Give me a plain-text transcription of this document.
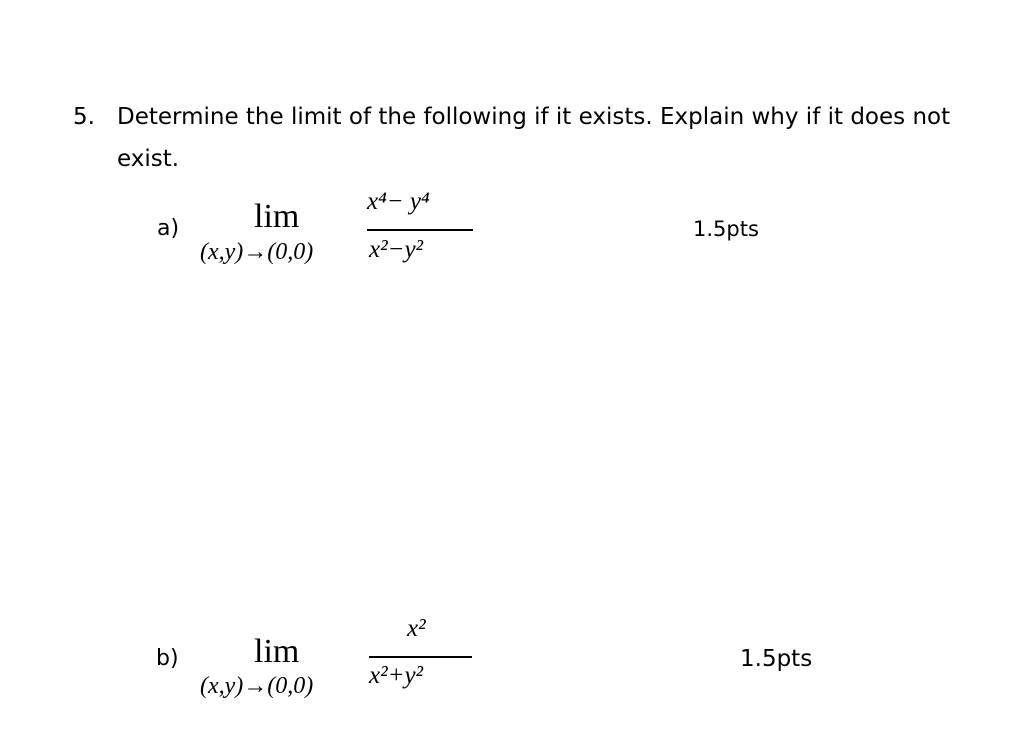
5. Determine the limit of the following if it exists. Explain why if it does not
exist.
a) lim
(x,y)→(0,0)
x⁴− y⁴
x²−y²
1.5pts
b) lim
(x,y)→(0,0)
x²
x²+y²
1.5pts
